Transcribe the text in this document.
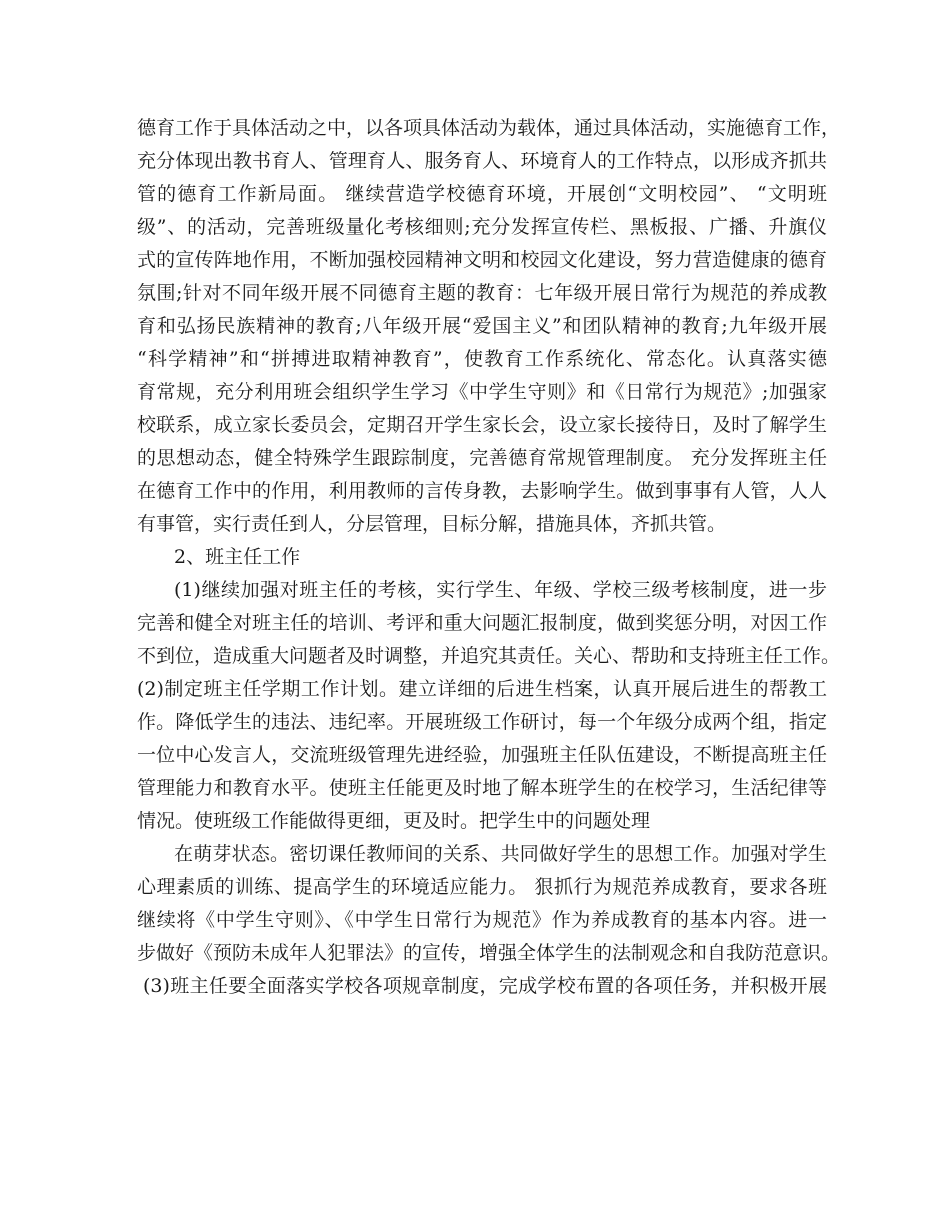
德育工作于具体活动之中，以各项具体活动为载体，通过具体活动，实施德育工作，
充分体现出教书育人、管理育人、服务育人、环境育人的工作特点，以形成齐抓共
管的德育工作新局面。 继续营造学校德育环境，开展创“文明校园”、 “文明班
级”、的活动，完善班级量化考核细则;充分发挥宣传栏、黑板报、广播、升旗仪
式的宣传阵地作用，不断加强校园精神文明和校园文化建设，努力营造健康的德育
氛围;针对不同年级开展不同德育主题的教育：七年级开展日常行为规范的养成教
育和弘扬民族精神的教育;八年级开展“爱国主义”和团队精神的教育;九年级开展
“科学精神”和“拼搏进取精神教育”，使教育工作系统化、常态化。认真落实德
育常规，充分利用班会组织学生学习《中学生守则》和《日常行为规范》;加强家
校联系，成立家长委员会，定期召开学生家长会，设立家长接待日，及时了解学生
的思想动态，健全特殊学生跟踪制度，完善德育常规管理制度。 充分发挥班主任
在德育工作中的作用，利用教师的言传身教，去影响学生。做到事事有人管，人人
有事管，实行责任到人，分层管理，目标分解，措施具体，齐抓共管。
2、班主任工作
(1)继续加强对班主任的考核，实行学生、年级、学校三级考核制度，进一步
完善和健全对班主任的培训、考评和重大问题汇报制度，做到奖惩分明，对因工作
不到位，造成重大问题者及时调整，并追究其责任。关心、帮助和支持班主任工作。
(2)制定班主任学期工作计划。建立详细的后进生档案，认真开展后进生的帮教工
作。降低学生的违法、违纪率。开展班级工作研讨，每一个年级分成两个组，指定
一位中心发言人，交流班级管理先进经验，加强班主任队伍建设，不断提高班主任
管理能力和教育水平。使班主任能更及时地了解本班学生的在校学习，生活纪律等
情况。使班级工作能做得更细，更及时。把学生中的问题处理
在萌芽状态。密切课任教师间的关系、共同做好学生的思想工作。加强对学生
心理素质的训练、提高学生的环境适应能力。 狠抓行为规范养成教育，要求各班
继续将《中学生守则》、《中学生日常行为规范》作为养成教育的基本内容。进一
步做好《预防未成年人犯罪法》的宣传，增强全体学生的法制观念和自我防范意识。
(3)班主任要全面落实学校各项规章制度，完成学校布置的各项任务，并积极开展
